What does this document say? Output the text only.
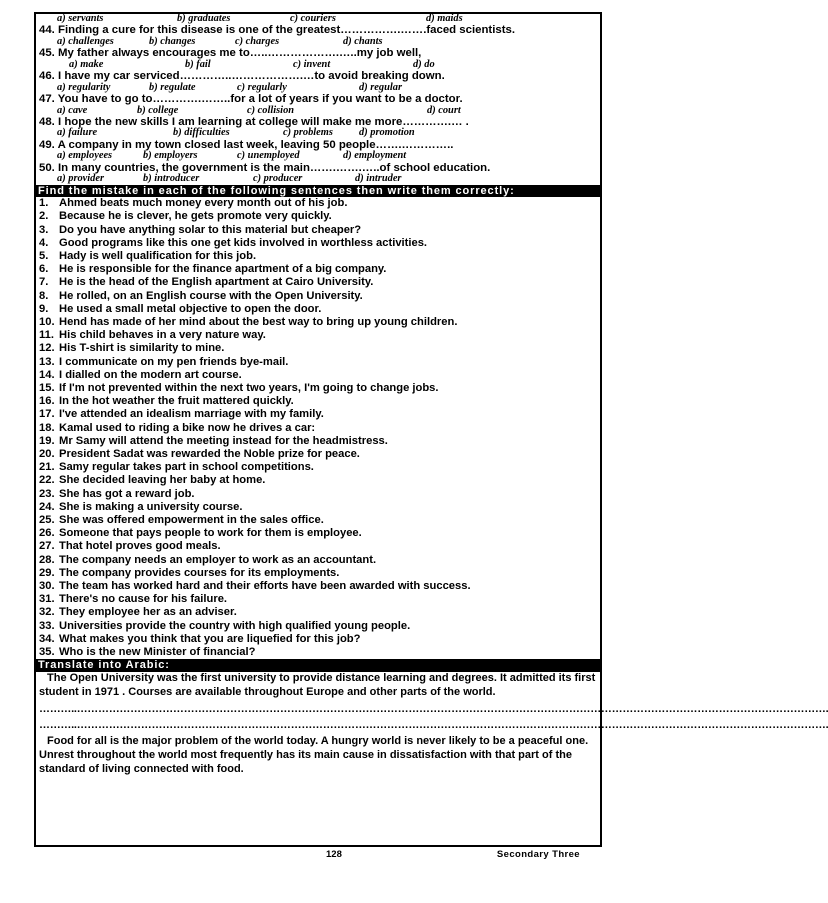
a) servants	b) graduates	c) couriers	d) maids
44. Finding a cure for this disease is one of the greatest…………….…….faced scientists.
a) challenges	b) changes	c) charges	d) chants
45. My father always encourages me to…..……………….…..my job well,
a) make	b) fail	c) invent	d) do
46. I have my car serviced…………..……………….…to avoid breaking down.
a) regularity	b) regulate	c) regularly	d) regular
47. You have to go to………….……..for a lot of years if you want to be a doctor.
a) cave	b) college	c) collision	d) court
48. I hope the new skills I am learning at college will make me more………….… .
a) failure	b) difficulties	c) problems	d) promotion
49. A company in my town closed last week, leaving 50 people…….…………..
a) employees	b) employers	c) unemployed	d) employment
50. In many countries, the government is the main…….…….…..of school education.
a) provider	b) introducer	c) producer	d) intruder
Find the mistake in each of the following sentences then write them correctly:
1. Ahmed beats much money every month out of his job.
2. Because he is clever, he gets promote very quickly.
3. Do you have anything solar to this material but cheaper?
4. Good programs like this one get kids involved in worthless activities.
5. Hady is well qualification for this job.
6. He is responsible for the finance apartment of a big company.
7. He is the head of the English apartment at Cairo University.
8. He rolled, on an English course with the Open University.
9. He used a small metal objective to open the door.
10. Hend has made of her mind about the best way to bring up young children.
11. His child behaves in a very nature way.
12. His T-shirt is similarity to mine.
13. I communicate on my pen friends bye-mail.
14. I dialled on the modern art course.
15. If I'm not prevented within the next two years, I'm going to change jobs.
16. In the hot weather the fruit mattered quickly.
17. I've attended an idealism marriage with my family.
18. Kamal used to riding a bike now he drives a car:
19. Mr Samy will attend the meeting instead for the headmistress.
20. President Sadat was rewarded the Noble prize for peace.
21. Samy regular takes part in school competitions.
22. She decided leaving her baby at home.
23. She has got a reward job.
24. She is making a university course.
25. She was offered empowerment in the sales office.
26. Someone that pays people to work for them is employee.
27. That hotel proves good meals.
28. The company needs an employer to work as an accountant.
29. The company provides courses for its employments.
30. The team has worked hard and their efforts have been awarded with success.
31. There's no cause for his failure.
32. They employee her as an adviser.
33. Universities provide the country with high qualified young people.
34. What makes you think that you are liquefied for this job?
35. Who is the new Minister of financial?
Translate into Arabic:
The Open University was the first university to provide distance learning and degrees. It admitted its first student in 1971 . Courses are available throughout Europe and other parts of the world.
………..………………………………………………………………………………………………………………………………………………………………………………………….
………..………………………………………………………………………………………………………………………………………………………………………………………….
Food for all is the major problem of the world today. A hungry world is never likely to be a peaceful one. Unrest throughout the world most frequently has its main cause in dissatisfaction with that part of the standard of living connected with food.
128	Secondary Three
